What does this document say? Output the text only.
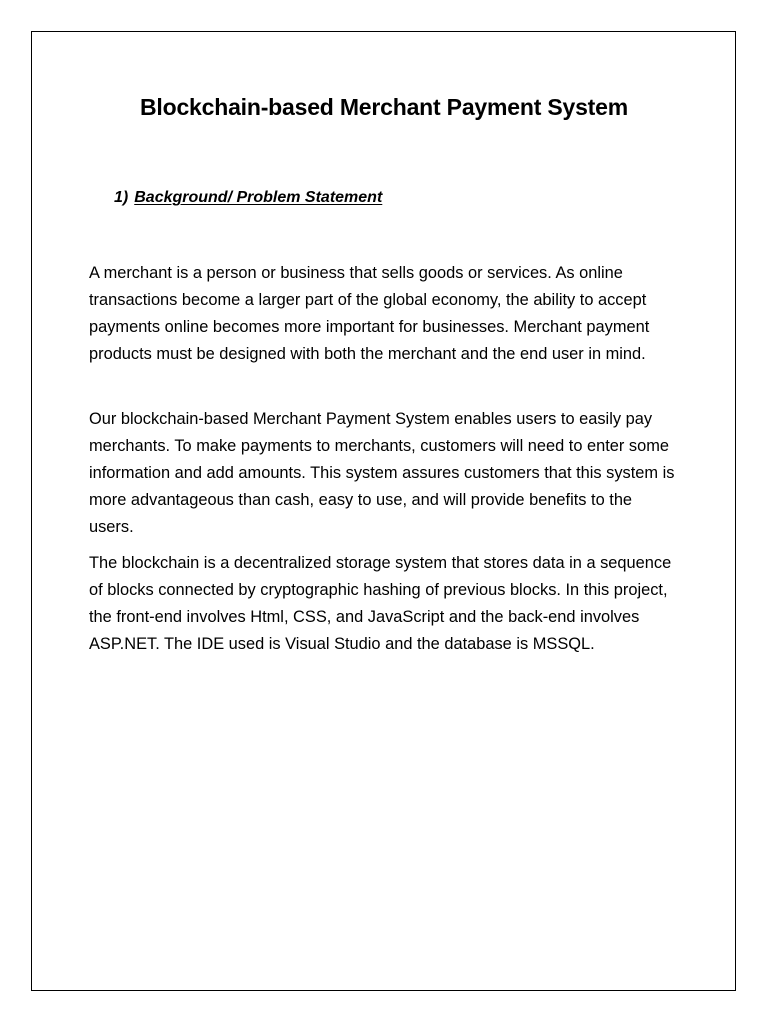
Blockchain-based Merchant Payment System
1) Background/ Problem Statement

A merchant is a person or business that sells goods or services. As online transactions become a larger part of the global economy, the ability to accept payments online becomes more important for businesses. Merchant payment products must be designed with both the merchant and the end user in mind.

Our blockchain-based Merchant Payment System enables users to easily pay merchants. To make payments to merchants, customers will need to enter some information and add amounts. This system assures customers that this system is more advantageous than cash, easy to use, and will provide benefits to the users.

The blockchain is a decentralized storage system that stores data in a sequence of blocks connected by cryptographic hashing of previous blocks. In this project, the front-end involves Html, CSS, and JavaScript and the back-end involves ASP.NET. The IDE used is Visual Studio and the database is MSSQL.
